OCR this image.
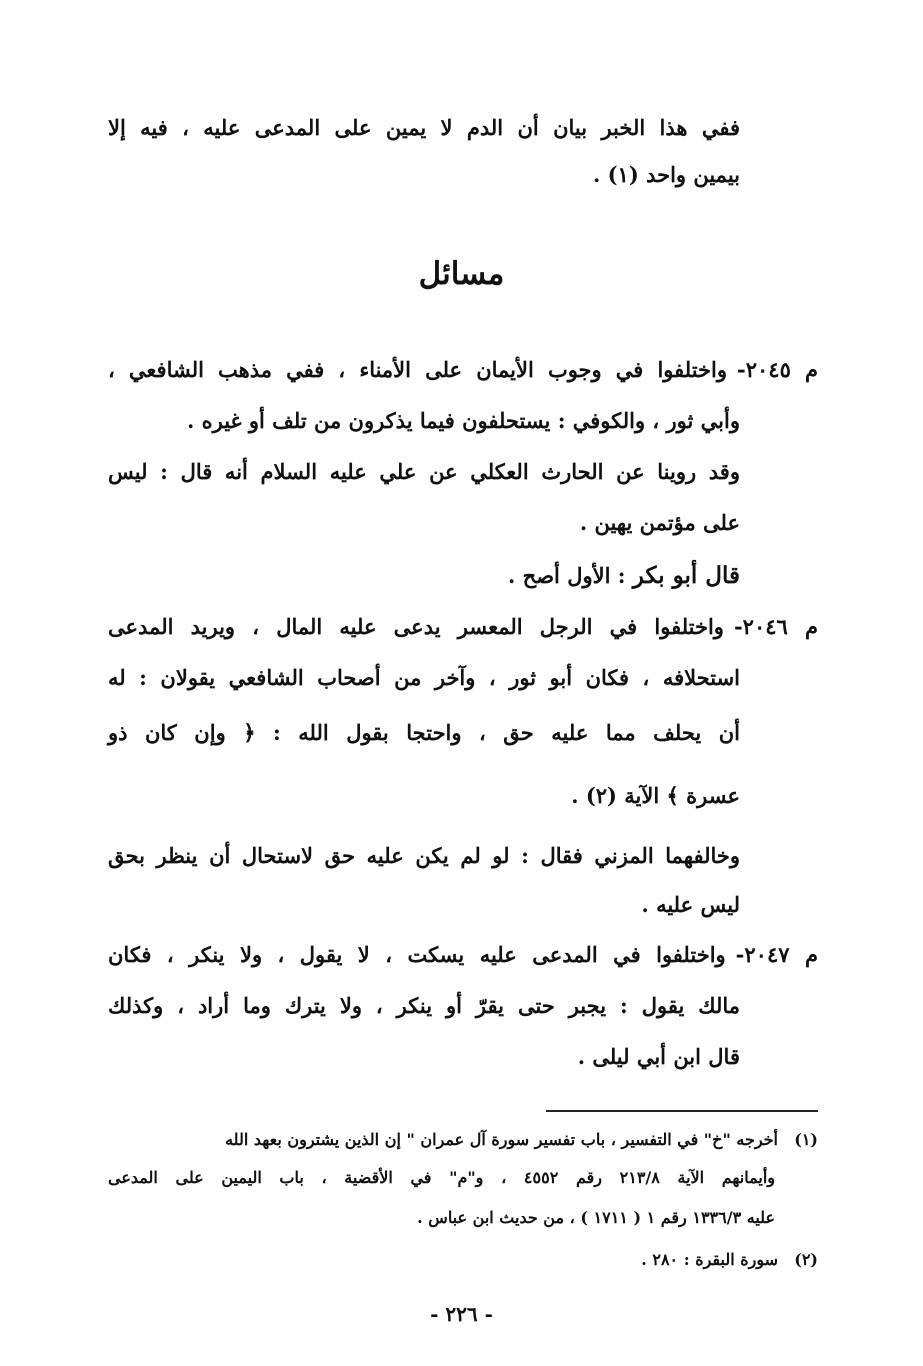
ففي هذا الخبر بيان أن الدم لا يمين على المدعى عليه ، فيه إلا
بيمين واحد (١) .
مسائل
م ٢٠٤٥-واختلفوا في وجوب الأيمان على الأمناء ، ففي مذهب الشافعي ،
وأبي ثور ، والكوفي : يستحلفون فيما يذكرون من تلف أو غيره .
وقد روينا عن الحارث العكلي عن علي عليه السلام أنه قال : ليس
على مؤتمن يهين .
قال أبو بكر : الأول أصح .
م ٢٠٤٦-واختلفوا في الرجل المعسر يدعى عليه المال ، ويريد المدعى
استحلافه ، فكان أبو ثور ، وآخر من أصحاب الشافعي يقولان : له
أن يحلف مما عليه حق ، واحتجا بقول الله : ﴿ وإن كان ذو
عسرة ﴾ الآية (٢) .
وخالفهما المزني فقال : لو لم يكن عليه حق لاستحال أن ينظر بحق
ليس عليه .
م ٢٠٤٧-واختلفوا في المدعى عليه يسكت ، لا يقول ، ولا ينكر ، فكان
مالك يقول : يجبر حتى يقرّ أو ينكر ، ولا يترك وما أراد ، وكذلك
قال ابن أبي ليلى .
(١)أخرجه "خ" في التفسير ، باب تفسير سورة آل عمران " إن الذين يشترون بعهد الله
وأيمانهم الآية ٢١٣/٨ رقم ٤٥٥٢ ، و"م" في الأقضية ، باب اليمين على المدعى
عليه ١٣٣٦/٣ رقم ١ ( ١٧١١ ) ، من حديث ابن عباس .
(٢)سورة البقرة : ٢٨٠ .
- ٢٢٦ -
